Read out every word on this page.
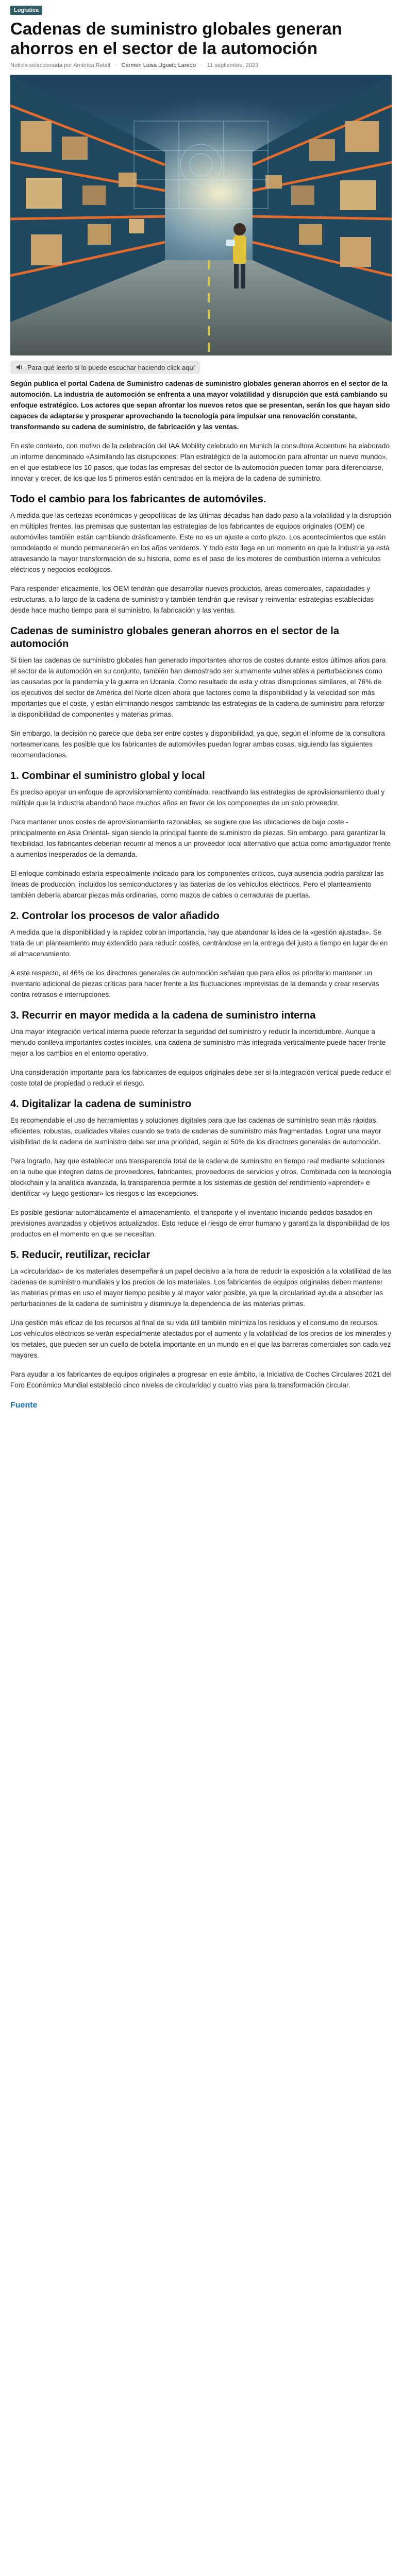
Logística
Cadenas de suministro globales generan ahorros en el sector de la automoción
Noticia seleccionada por América Retail · Carmen Luisa Ugueto Laredo · 11 septiembre, 2023
Para qué leerlo si lo puede escuchar haciendo click aquí

Según publica el portal Cadena de Suministro cadenas de suministro globales generan ahorros en el sector de la automoción. La industria de automoción se enfrenta a una mayor volatilidad y disrupción que está cambiando su enfoque estratégico. Los actores que sepan afrontar los nuevos retos que se presentan, serán los que hayan sido capaces de adaptarse y prosperar aprovechando la tecnología para impulsar una renovación constante, transformando su cadena de suministro, de fabricación y las ventas.

En este contexto, con motivo de la celebración del IAA Mobility celebrado en Munich la consultora Accenture ha elaborado un informe denominado «Asimilando las disrupciones: Plan estratégico de la automoción para afrontar un nuevo mundo», en el que establece los 10 pasos, que todas las empresas del sector de la automoción pueden tomar para diferenciarse, innovar y crecer, de los que los 5 primeros están centrados en la mejora de la cadena de suministro.

Todo el cambio para los fabricantes de automóviles.

A medida que las certezas económicas y geopolíticas de las últimas décadas han dado paso a la volatilidad y la disrupción en múltiples frentes, las premisas que sustentan las estrategias de los fabricantes de equipos originales (OEM) de automóviles también están cambiando drásticamente. Este no es un ajuste a corto plazo. Los acontecimientos que están remodelando el mundo permanecerán en los años venideros. Y todo esto llega en un momento en que la industria ya está atravesando la mayor transformación de su historia, como es el paso de los motores de combustión interna a vehículos eléctricos y negocios ecológicos.

Para responder eficazmente, los OEM tendrán que desarrollar nuevos productos, áreas comerciales, capacidades y estructuras, a lo largo de la cadena de suministro y también tendrán que revisar y reinventar estrategias establecidas desde hace mucho tiempo para el suministro, la fabricación y las ventas.

Cadenas de suministro globales generan ahorros en el sector de la automoción

Si bien las cadenas de suministro globales han generado importantes ahorros de costes durante estos últimos años para el sector de la automoción en su conjunto, también han demostrado ser sumamente vulnerables a perturbaciones como las causadas por la pandemia y la guerra en Ucrania. Como resultado de esta y otras disrupciones similares, el 76% de los ejecutivos del sector de América del Norte dicen ahora que factores como la disponibilidad y la velocidad son más importantes que el coste, y están eliminando riesgos cambiando las estrategias de la cadena de suministro para reforzar la disponibilidad de componentes y materias primas.

Sin embargo, la decisión no parece que deba ser entre costes y disponibilidad, ya que, según el informe de la consultora norteamericana, les posible que los fabricantes de automóviles puedan lograr ambas cosas, siguiendo las siguientes recomendaciones.

1. Combinar el suministro global y local

Es preciso apoyar un enfoque de aprovisionamiento combinado, reactivando las estrategias de aprovisionamiento dual y múltiple que la industria abandonó hace muchos años en favor de los componentes de un solo proveedor.

Para mantener unos costes de aprovisionamiento razonables, se sugiere que las ubicaciones de bajo coste -principalmente en Asia Oriental- sigan siendo la principal fuente de suministro de piezas. Sin embargo, para garantizar la flexibilidad, los fabricantes deberían recurrir al menos a un proveedor local alternativo que actúa como amortiguador frente a aumentos inesperados de la demanda.

El enfoque combinado estaría especialmente indicado para los componentes críticos, cuya ausencia podría paralizar las líneas de producción, incluidos los semiconductores y las baterías de los vehículos eléctricos. Pero el planteamiento también debería abarcar piezas más ordinarias, como mazos de cables o cerraduras de puertas.

2. Controlar los procesos de valor añadido

A medida que la disponibilidad y la rapidez cobran importancia, hay que abandonar la idea de la «gestión ajustada». Se trata de un planteamiento muy extendido para reducir costes, centrándose en la entrega del justo a tiempo en lugar de en el almacenamiento.

A este respecto, el 46% de los directores generales de automoción señalan que para ellos es prioritario mantener un inventario adicional de piezas críticas para hacer frente a las fluctuaciones imprevistas de la demanda y crear reservas contra retrasos e interrupciones.

3. Recurrir en mayor medida a la cadena de suministro interna

Una mayor integración vertical interna puede reforzar la seguridad del suministro y reducir la incertidumbre. Aunque a menudo conlleva importantes costes iniciales, una cadena de suministro más integrada verticalmente puede hacer frente mejor a los cambios en el entorno operativo.

Una consideración importante para los fabricantes de equipos originales debe ser si la integración vertical puede reducir el coste total de propiedad o reducir el riesgo.

4. Digitalizar la cadena de suministro

Es recomendable el uso de herramientas y soluciones digitales para que las cadenas de suministro sean más rápidas, eficientes, robustas, cualidades vitales cuando se trata de cadenas de suministro más fragmentadas. Lograr una mayor visibilidad de la cadena de suministro debe ser una prioridad, según el 50% de los directores generales de automoción.

Para lograrlo, hay que establecer una transparencia total de la cadena de suministro en tiempo real mediante soluciones en la nube que integren datos de proveedores, fabricantes, proveedores de servicios y otros. Combinada con la tecnología blockchain y la analítica avanzada, la transparencia permite a los sistemas de gestión del rendimiento «aprender» e identificar «y luego gestionar» los riesgos o las excepciones.

Es posible gestionar automáticamente el almacenamiento, el transporte y el inventario iniciando pedidos basados en previsiones avanzadas y objetivos actualizados. Esto reduce el riesgo de error humano y garantiza la disponibilidad de los productos en el momento en que se necesitan.

5. Reducir, reutilizar, reciclar

La «circularidad» de los materiales desempeñará un papel decisivo a la hora de reducir la exposición a la volatilidad de las cadenas de suministro mundiales y los precios de los materiales. Los fabricantes de equipos originales deben mantener las materias primas en uso el mayor tiempo posible y al mayor valor posible, ya que la circularidad ayuda a absorber las perturbaciones de la cadena de suministro y disminuye la dependencia de las materias primas.

Una gestión más eficaz de los recursos al final de su vida útil también minimiza los residuos y el consumo de recursos. Los vehículos eléctricos se verán especialmente afectados por el aumento y la volatilidad de los precios de los minerales y los metales, que pueden ser un cuello de botella importante en un mundo en el que las barreras comerciales son cada vez mayores.

Para ayudar a los fabricantes de equipos originales a progresar en este ámbito, la Iniciativa de Coches Circulares 2021 del Foro Económico Mundial estableció cinco niveles de circularidad y cuatro vías para la transformación circular.

Fuente
